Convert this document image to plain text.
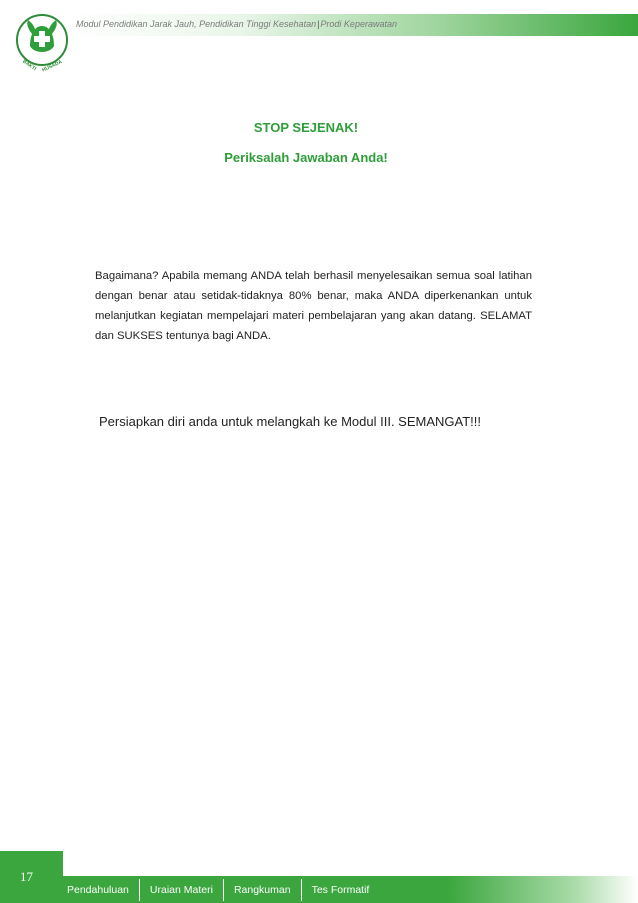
BAKTI HUSADA
Modul Pendidikan Jarak Jauh, Pendidikan Tinggi Kesehatan|Prodi Keperawatan
STOP SEJENAK!
Periksalah Jawaban Anda!
Bagaimana? Apabila memang ANDA telah berhasil menyelesaikan semua soal latihan dengan benar atau setidak-tidaknya 80% benar, maka ANDA diperkenankan untuk melanjutkan kegiatan mempelajari materi pembelajaran yang akan datang. SELAMAT dan SUKSES tentunya bagi ANDA.
Persiapkan diri anda untuk melangkah ke Modul III. SEMANGAT!!!
17
Pendahuluan	Uraian Materi	Rangkuman	Tes Formatif
